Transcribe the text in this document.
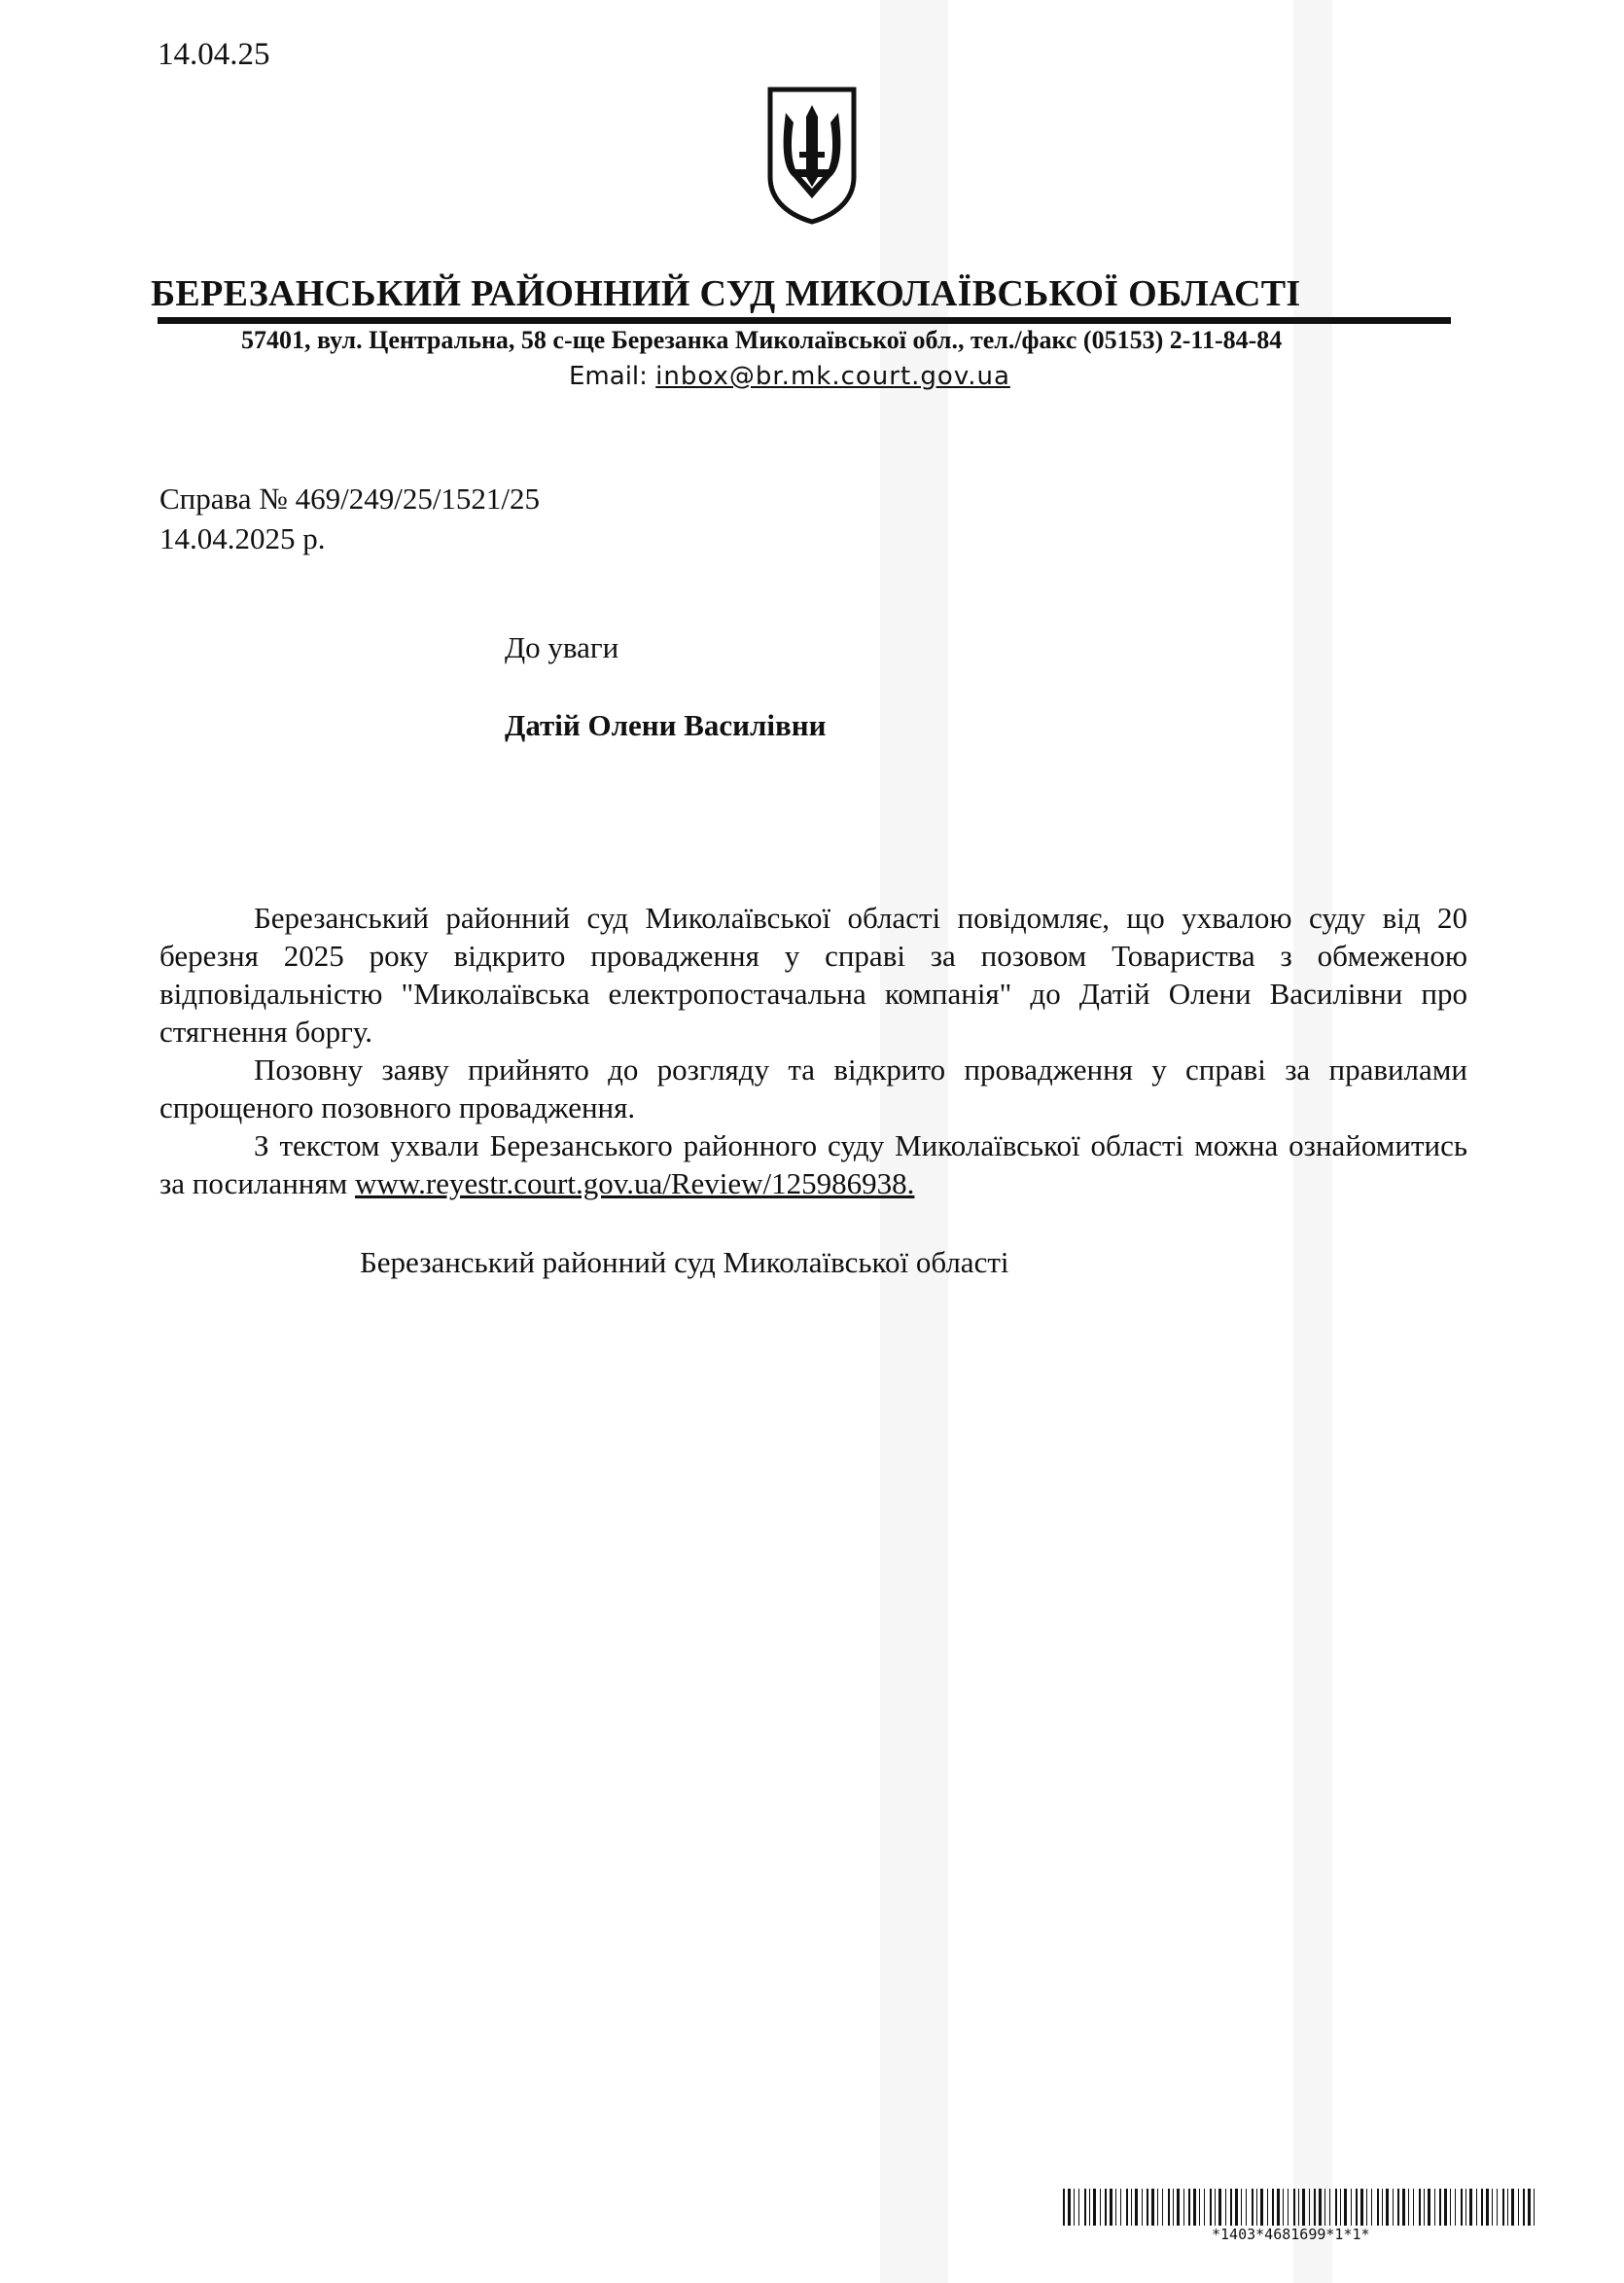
14.04.25
БЕРЕЗАНСЬКИЙ РАЙОННИЙ СУД МИКОЛАЇВСЬКОЇ ОБЛАСТІ
57401, вул. Центральна, 58 с-ще Березанка Миколаївської обл., тел./факс (05153) 2-11-84-84
Email: inbox@br.mk.court.gov.ua
Справа № 469/249/25/1521/25
14.04.2025 р.
До уваги
Датій Олени Василівни

Березанський районний суд Миколаївської області повідомляє, що ухвалою суду від 20 березня 2025 року відкрито провадження у справі за позовом Товариства з обмеженою відповідальністю "Миколаївська електропостачальна компанія" до Датій Олени Василівни про стягнення боргу.

Позовну заяву прийнято до розгляду та відкрито провадження у справі за правилами спрощеного позовного провадження.

З текстом ухвали Березанського районного суду Миколаївської області можна ознайомитись за посиланням www.reyestr.court.gov.ua/Review/125986938.

Березанський районний суд Миколаївської області
*1403*4681699*1*1*
